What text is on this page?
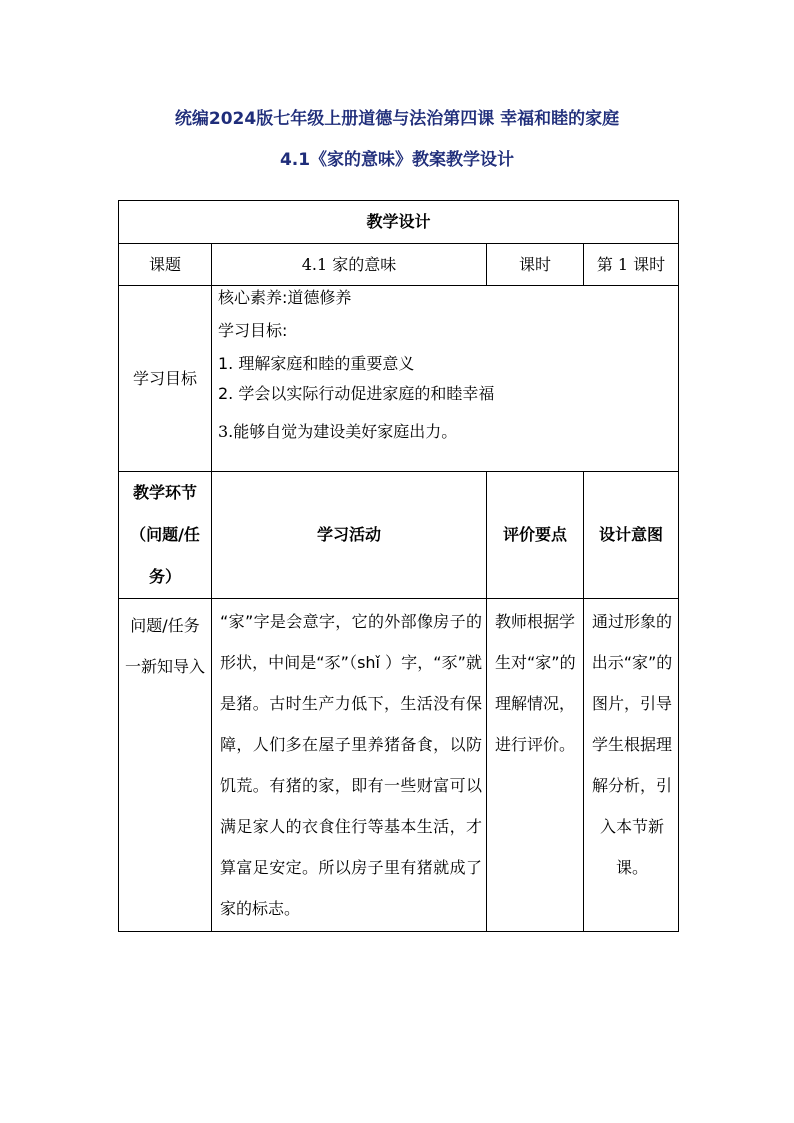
统编2024版七年级上册道德与法治第四课 幸福和睦的家庭
4.1《家的意味》教案教学设计
教学设计			
课题	4.1 家的意味	课时	第 1 课时
学习目标	核心素养:道德修养
学习目标:
1. 理解家庭和睦的重要意义
2. 学会以实际行动促进家庭的和睦幸福
3.能够自觉为建设美好家庭出力。		

教学环节（问题/任务）	学习活动	评价要点	设计意图
问题/任务一新知导入	“家”字是会意字，它的外部像房子的形状，中间是“豕”（shǐ ）字，“豕”就是猪。古时生产力低下，生活没有保障，人们多在屋子里养猪备食，以防饥荒。有猪的家，即有一些财富可以满足家人的衣食住行等基本生活，才算富足安定。所以房子里有猪就成了家的标志。	教师根据学生对“家”的理解情况，进行评价。	通过形象的出示“家”的图片，引导学生根据理解分析，引入本节新课。
